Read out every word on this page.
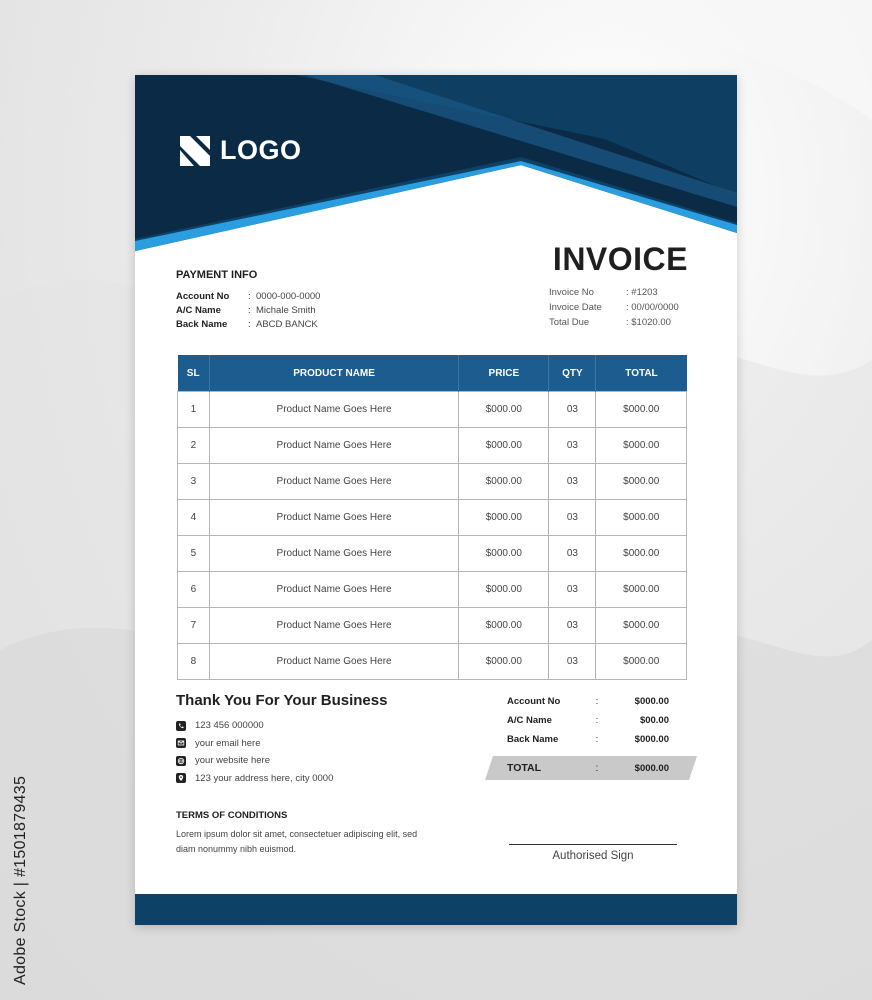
Adobe Stock | #1501879435
LOGO
INVOICE
Invoice No	: #1203
Invoice Date	: 00/00/0000
Total Due	: $1020.00
PAYMENT INFO
Account No	: 0000-000-0000
A/C Name	: Michale Smith
Back Name	: ABCD BANCK
SL	PRODUCT NAME	PRICE	QTY	TOTAL
1	Product Name Goes Here	$000.00	03	$000.00
2	Product Name Goes Here	$000.00	03	$000.00
3	Product Name Goes Here	$000.00	03	$000.00
4	Product Name Goes Here	$000.00	03	$000.00
5	Product Name Goes Here	$000.00	03	$000.00
6	Product Name Goes Here	$000.00	03	$000.00
7	Product Name Goes Here	$000.00	03	$000.00
8	Product Name Goes Here	$000.00	03	$000.00
Thank You For Your Business
123 456 000000
your email here
your website here
123 your address here, city 0000
Account No	:	$000.00
A/C Name	:	$00.00
Back Name	:	$000.00
TOTAL	:	$000.00
TERMS OF CONDITIONS
Lorem ipsum dolor sit amet, consectetuer adipiscing elit, sed diam nonummy nibh euismod.
Authorised Sign
